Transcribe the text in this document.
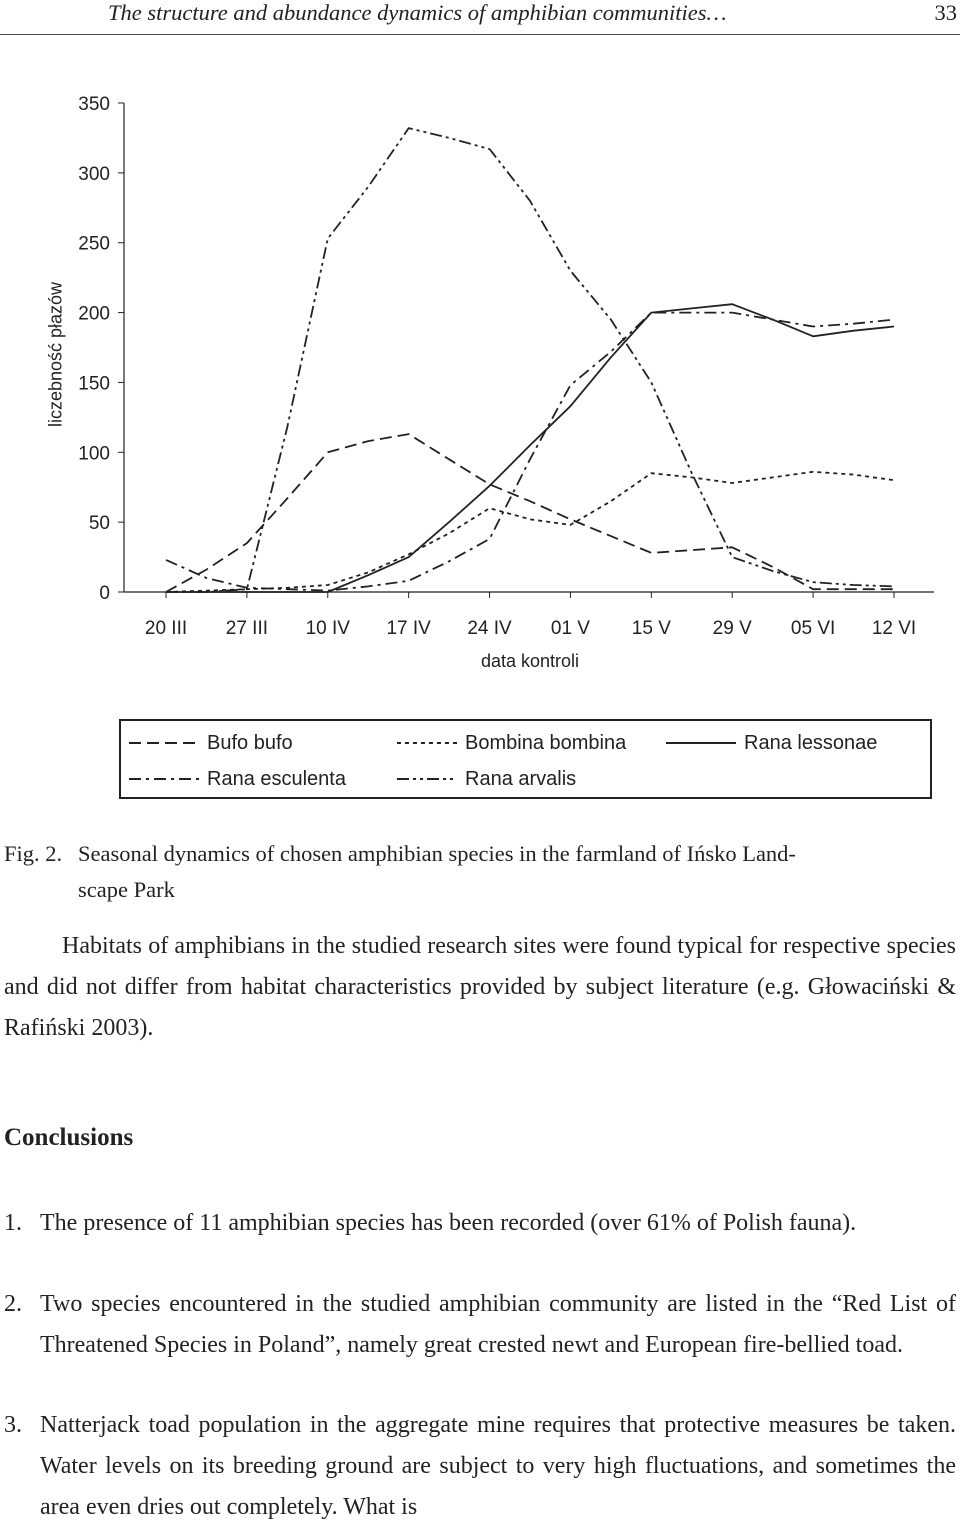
The structure and abundance dynamics of amphibian communities…	33
0
50
100
150
200
250
300
350
20 III 27 III 10 IV 17 IV 24 IV 01 V 15 V 29 V 05 VI 12 VI
data kontroli
liczebność płazów
Bufo bufo	Bombina bombina	Rana lessonae
Rana esculenta	Rana arvalis
Fig. 2. Seasonal dynamics of chosen amphibian species in the farmland of Ińsko Land-
scape Park
Habitats of amphibians in the studied research sites were found typical for respective species and did not differ from habitat characteristics provided by subject literature (e.g. Głowaciński & Rafiński 2003).
Conclusions
1. The presence of 11 amphibian species has been recorded (over 61% of Polish fauna).
2. Two species encountered in the studied amphibian community are listed in the “Red List of Threatened Species in Poland”, namely great crested newt and European fire-bellied toad.
3. Natterjack toad population in the aggregate mine requires that protective measures be taken. Water levels on its breeding ground are subject to very high fluctuations, and sometimes the area even dries out completely. What is
